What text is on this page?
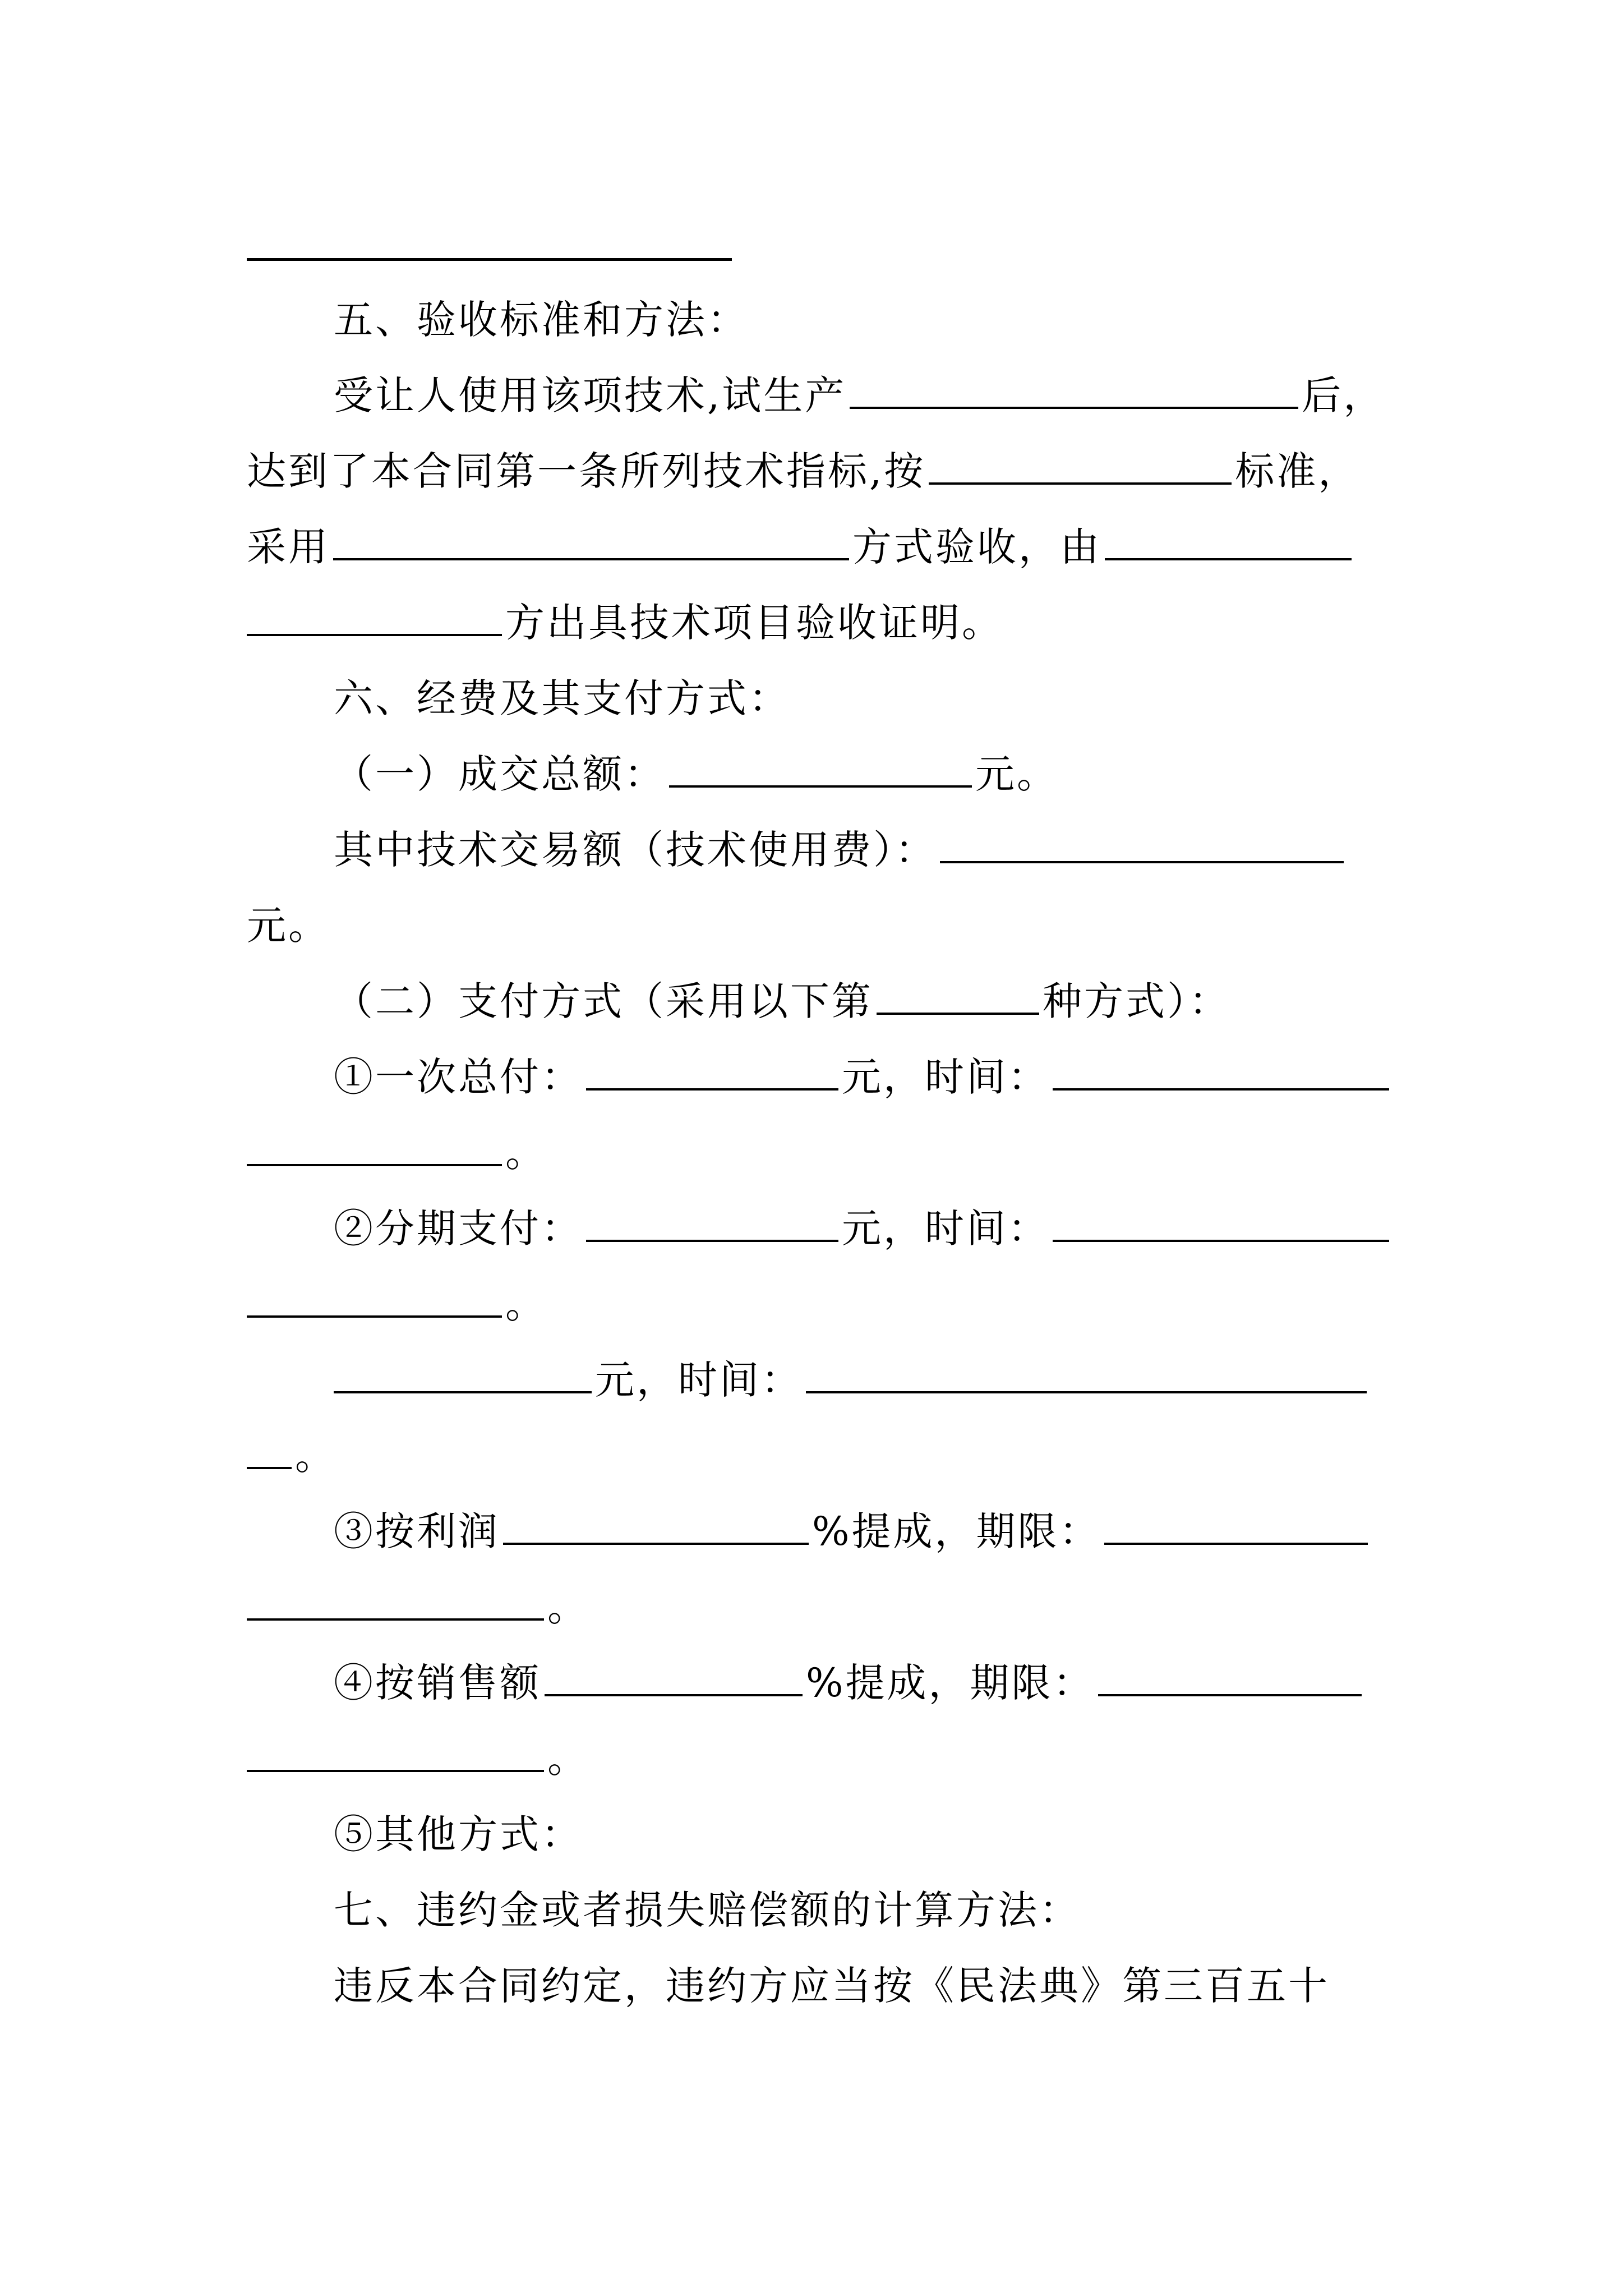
五、验收标准和方法：
受让人使用该项技术,试生产	后，
达到了本合同第一条所列技术指标,按	标准，
采用	方式验收，由
方出具技术项目验收证明。
六、经费及其支付方式：
（一）成交总额：	元。
其中技术交易额（技术使用费）：
元。
（二）支付方式（采用以下第	种方式）：
①一次总付：	元，时间：
。
②分期支付：	元，时间：
。
元，时间：
。
③按利润	%提成，期限：
。
④按销售额	%提成，期限：
。
⑤其他方式：
七、违约金或者损失赔偿额的计算方法：
违反本合同约定，违约方应当按《民法典》第三百五十
